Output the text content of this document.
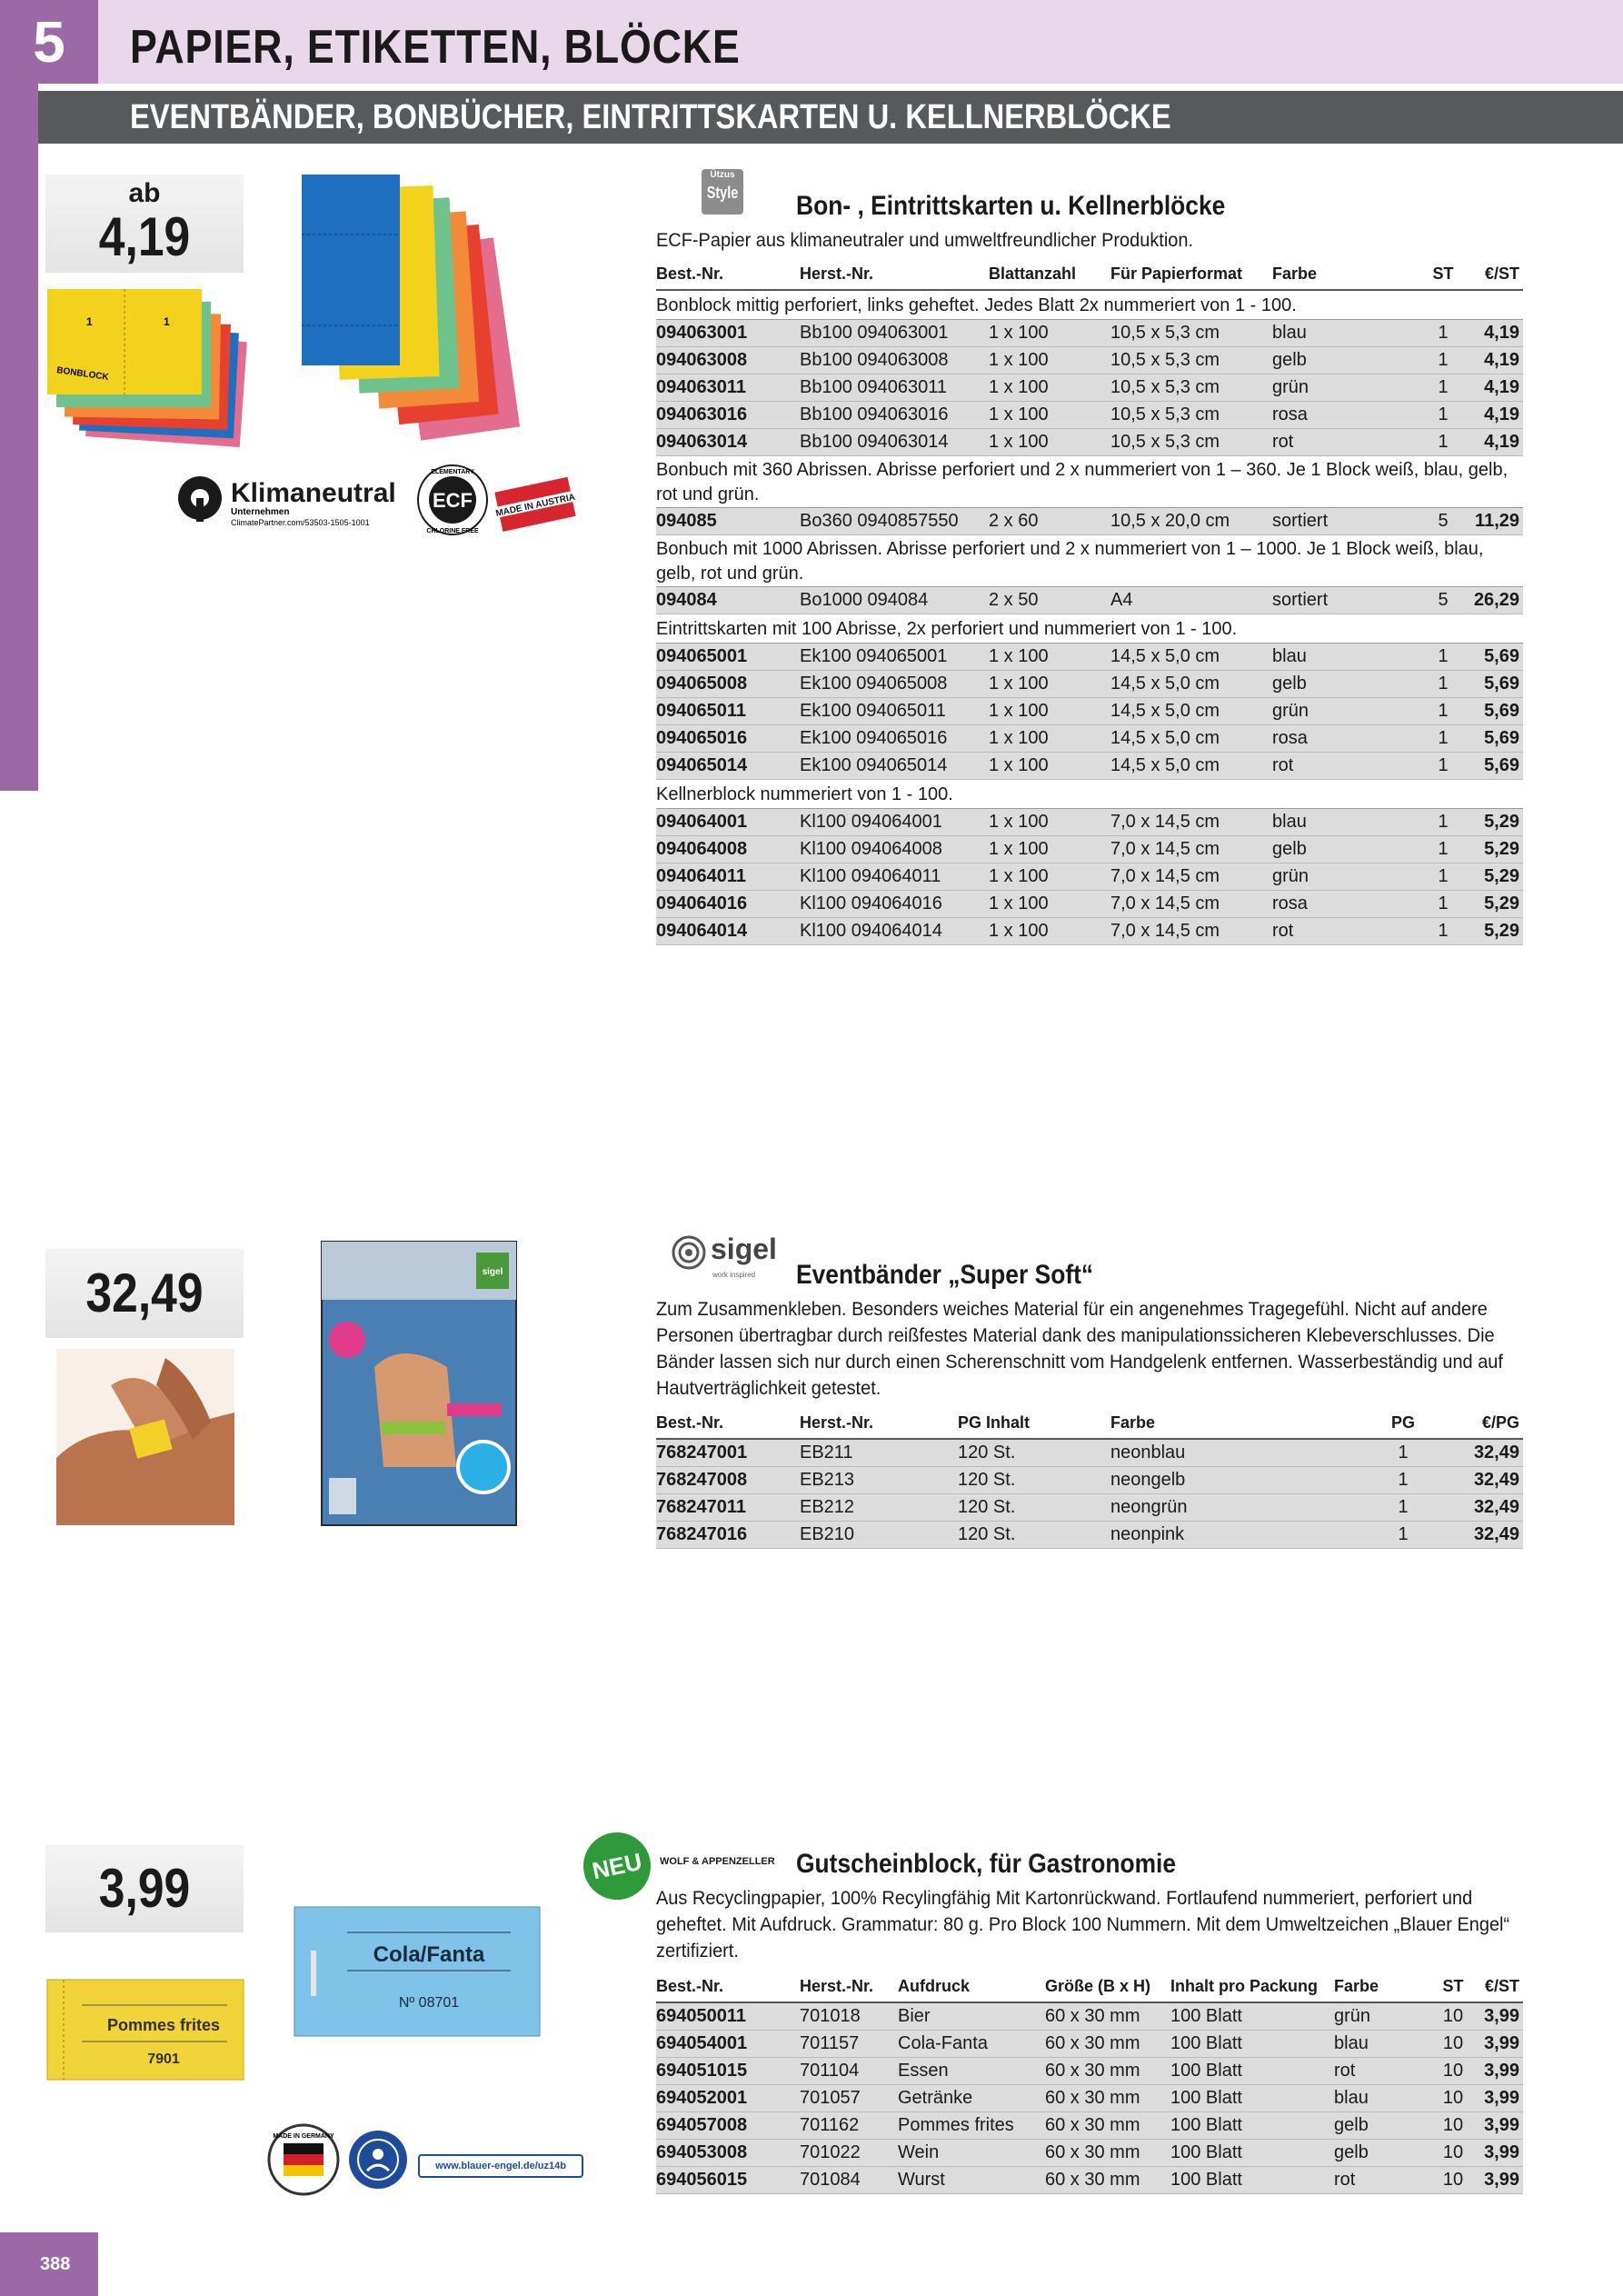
5	PAPIER, ETIKETTEN, BLÖCKE
EVENTBÄNDER, BONBÜCHER, EINTRITTSKARTEN U. KELLNERBLÖCKE
ab
4,19
1	1
BONBLOCK
Klimaneutral
Unternehmen
ClimatePartner.com/53503-1505-1001
ECF
ELEMENTARY
CHLORINE FREE
MADE IN AUSTRIA
Ützus
Style Bon- , Eintrittskarten u. Kellnerblöcke
ECF-Papier aus klimaneutraler und umweltfreundlicher Produktion.
Best.-Nr.	Herst.-Nr.	Blattanzahl	Für Papierformat	Farbe	ST	€/ST
Bonblock mittig perforiert, links geheftet. Jedes Blatt 2x nummeriert von 1 - 100.						
094063001	Bb100 094063001	1 x 100	10,5 x 5,3 cm	blau	1	4,19
094063008	Bb100 094063008	1 x 100	10,5 x 5,3 cm	gelb	1	4,19
094063011	Bb100 094063011	1 x 100	10,5 x 5,3 cm	grün	1	4,19
094063016	Bb100 094063016	1 x 100	10,5 x 5,3 cm	rosa	1	4,19
094063014	Bb100 094063014	1 x 100	10,5 x 5,3 cm	rot	1	4,19
Bonbuch mit 360 Abrissen. Abrisse perforiert und 2 x nummeriert von 1 – 360. Je 1 Block weiß, blau, gelb, rot und grün.						
094085	Bo360 0940857550	2 x 60	10,5 x 20,0 cm	sortiert	5	11,29
Bonbuch mit 1000 Abrissen. Abrisse perforiert und 2 x nummeriert von 1 – 1000. Je 1 Block weiß, blau, gelb, rot und grün.						
094084	Bo1000 094084	2 x 50	A4	sortiert	5	26,29
Eintrittskarten mit 100 Abrisse, 2x perforiert und nummeriert von 1 - 100.						
094065001	Ek100 094065001	1 x 100	14,5 x 5,0 cm	blau	1	5,69
094065008	Ek100 094065008	1 x 100	14,5 x 5,0 cm	gelb	1	5,69
094065011	Ek100 094065011	1 x 100	14,5 x 5,0 cm	grün	1	5,69
094065016	Ek100 094065016	1 x 100	14,5 x 5,0 cm	rosa	1	5,69
094065014	Ek100 094065014	1 x 100	14,5 x 5,0 cm	rot	1	5,69
Kellnerblock nummeriert von 1 - 100.						
094064001	Kl100 094064001	1 x 100	7,0 x 14,5 cm	blau	1	5,29
094064008	Kl100 094064008	1 x 100	7,0 x 14,5 cm	gelb	1	5,29
094064011	Kl100 094064011	1 x 100	7,0 x 14,5 cm	grün	1	5,29
094064016	Kl100 094064016	1 x 100	7,0 x 14,5 cm	rosa	1	5,29
094064014	Kl100 094064014	1 x 100	7,0 x 14,5 cm	rot	1	5,29
32,49	sigel
sigel
work inspired Eventbänder „Super Soft“
Zum Zusammenkleben. Besonders weiches Material für ein angenehmes Tragegefühl. Nicht auf andere Personen übertragbar durch reißfestes Material dank des manipulationssicheren Klebeverschlusses. Die Bänder lassen sich nur durch einen Scherenschnitt vom Handgelenk entfernen. Wasserbeständig und auf Hautverträglichkeit getestet.
Best.-Nr.	Herst.-Nr.	PG Inhalt	Farbe	PG	€/PG
768247001	EB211	120 St.	neonblau	1	32,49
768247008	EB213	120 St.	neongelb	1	32,49
768247011	EB212	120 St.	neongrün	1	32,49
768247016	EB210	120 St.	neonpink	1	32,49
3,99
Pommes frites
7901
Cola/Fanta
Nº 08701
MADE IN GERMANY
www.blauer-engel.de/uz14b
NEU	WOLF & APPENZELLER Gutscheinblock, für Gastronomie
Aus Recyclingpapier, 100% Recylingfähig Mit Kartonrückwand. Fortlaufend nummeriert, perforiert und geheftet. Mit Aufdruck. Grammatur: 80 g. Pro Block 100 Nummern. Mit dem Umweltzeichen „Blauer Engel“ zertifiziert.
Best.-Nr.	Herst.-Nr.	Aufdruck	Größe (B x H)	Inhalt pro Packung	Farbe	ST	€/ST
694050011	701018	Bier	60 x 30 mm	100 Blatt	grün	10	3,99
694054001	701157	Cola-Fanta	60 x 30 mm	100 Blatt	blau	10	3,99
694051015	701104	Essen	60 x 30 mm	100 Blatt	rot	10	3,99
694052001	701057	Getränke	60 x 30 mm	100 Blatt	blau	10	3,99
694057008	701162	Pommes frites	60 x 30 mm	100 Blatt	gelb	10	3,99
694053008	701022	Wein	60 x 30 mm	100 Blatt	gelb	10	3,99
694056015	701084	Wurst	60 x 30 mm	100 Blatt	rot	10	3,99
388
